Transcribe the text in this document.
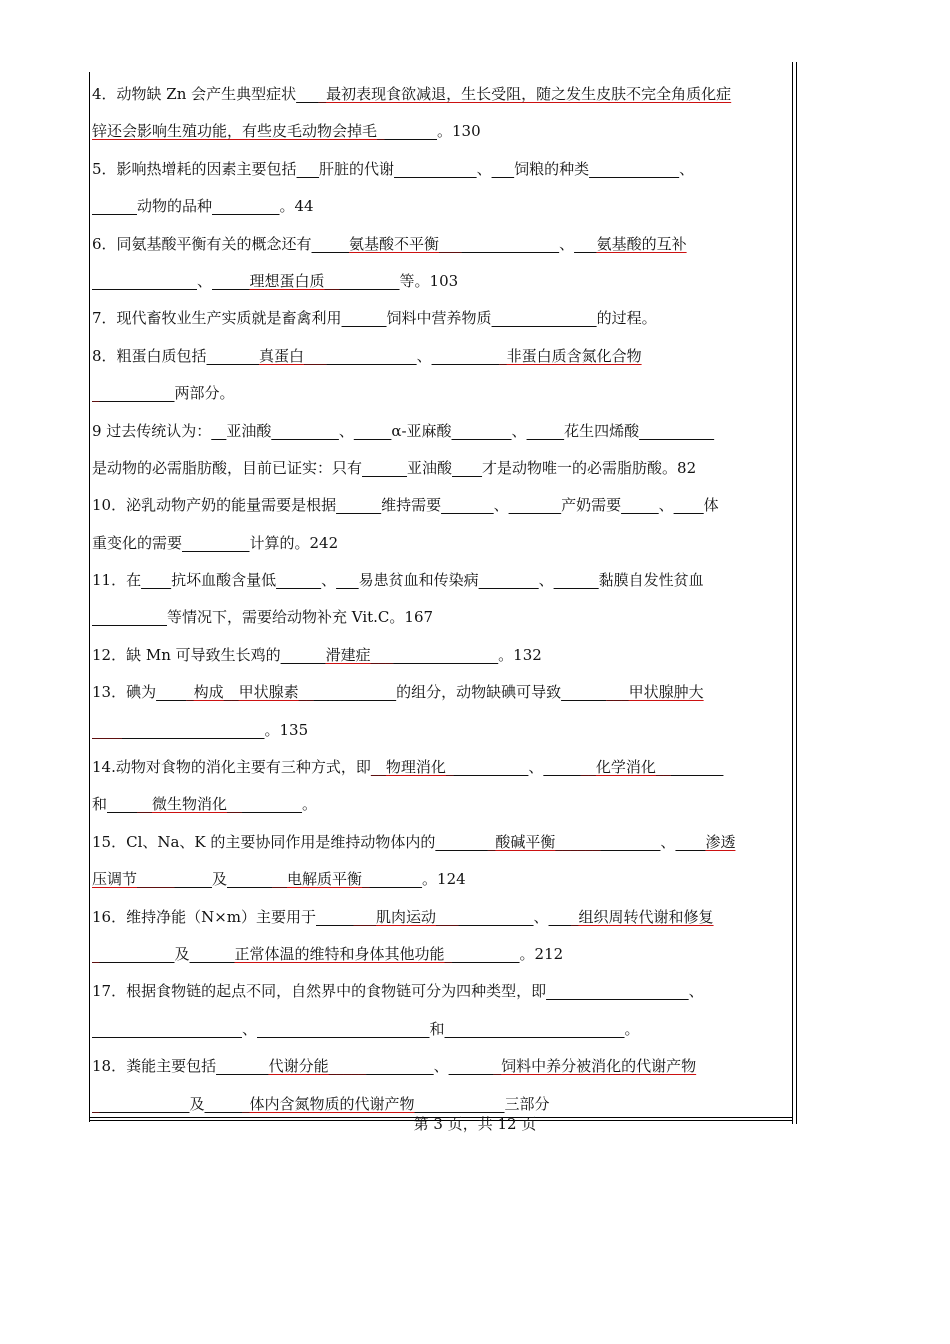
4．动物缺 Zn 会产生典型症状____最初表现食欲减退，生长受阻，随之发生皮肤不完全角质化症
锌还会影响生殖功能，有些皮毛动物会掉毛________。130
5．影响热增耗的因素主要包括___肝脏的代谢___________、___饲粮的种类____________、
______动物的品种_________。44
6．同氨基酸平衡有关的概念还有_____氨基酸不平衡________________、___氨基酸的互补
______________、_____理想蛋白质__________等。103
7．现代畜牧业生产实质就是畜禽利用______饲料中营养物质______________的过程。
8．粗蛋白质包括_______真蛋白_______________、__________非蛋白质含氮化合物
___________两部分。
9 过去传统认为：__亚油酸_________、_____α-亚麻酸________、_____花生四烯酸__________
是动物的必需脂肪酸，目前已证实：只有______亚油酸____才是动物唯一的必需脂肪酸。82
10．泌乳动物产奶的能量需要是根据______维持需要_______、_______产奶需要_____、____体
重变化的需要_________计算的。242
11．在____抗坏血酸含量低______、___易患贫血和传染病________、______黏膜自发性贫血
__________等情况下，需要给动物补充 Vit.C。167
12．缺 Mn 可导致生长鸡的______滑建症_________________。132
13．碘为_____构成__甲状腺素_____________的组分，动物缺碘可导致_________甲状腺肿大
_______________________。135
14.动物对食物的消化主要有三种方式，即__物理消化___________、_______化学消化_________
和______微生物消化__________。
15．Cl、Na、K 的主要协同作用是维持动物体内的________酸碱平衡______________、____渗透
压调节__________及________电解质平衡________。124
16．维持净能（N×m）主要用于________肌肉运动_____________、____组织周转代谢和修复
___________及______正常体温的维特和身体其他功能__________。212
17．根据食物链的起点不同，自然界中的食物链可分为四种类型，即___________________、
____________________、_______________________和________________________。
18．粪能主要包括_______代谢分能______________、_______饲料中养分被消化的代谢产物
_____________及______体内含氮物质的代谢产物____________三部分
第 3 页，共 12 页
